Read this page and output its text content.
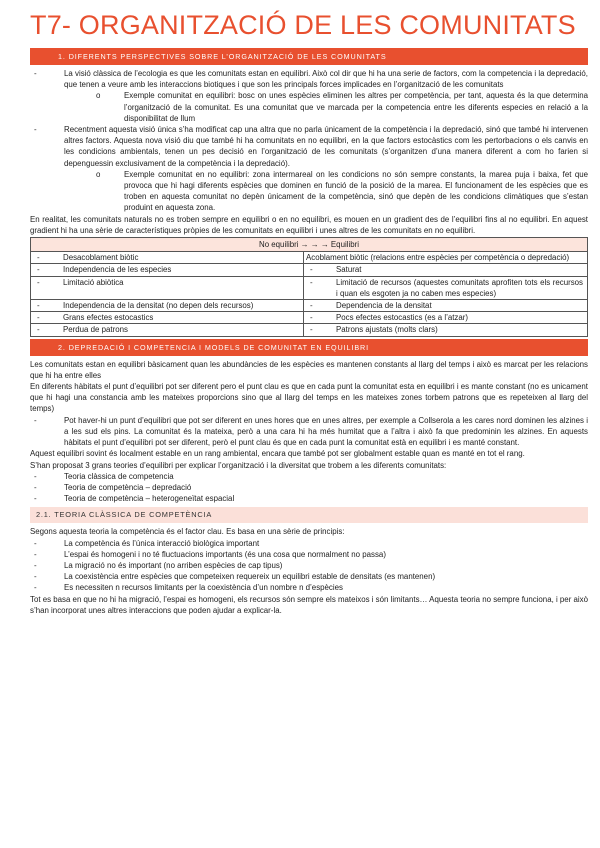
T7- ORGANITZACIÓ DE LES COMUNITATS
1. DIFERENTS PERSPECTIVES SOBRE L’ORGANITZACIÓ DE LES COMUNITATS
-	La visió clàssica de l’ecologia es que les comunitats estan en equilibri. Això col dir que hi ha una serie de factors, com la competencia i la depredació, que tenen a veure amb les interaccions biotiques i que son les principals forces implicades en l’organització de les comunitats
o	Exemple comunitat en equilibri: bosc on unes espècies eliminen les altres per competència, per tant, aquesta és la que determina l’organització de la comunitat. Es una comunitat que ve marcada per la competencia entre les diferents especies en relació a la disponibilitat de llum
-	Recentment aquesta visió única s’ha modificat cap una altra que no parla únicament de la competència i la depredació, sinó que també hi intervenen altres factors. Aquesta nova visió diu que també hi ha comunitats en no equilibri, en la que factors estocàstics com les pertorbacions o els canvis en les condicions ambientals, tenen un pes decisió en l’organització de les comunitats (s’organitzen d’una manera diferent a com ho farien si depenguessin exclusivament de la competència i la depredació).
o	Exemple comunitat en no equilibri: zona intermareal on les condicions no són sempre constants, la marea puja i baixa, fet que provoca que hi hagi diferents espècies que dominen en funció de la posició de la marea. El funcionament de les espècies que es troben en aquesta comunitat no depèn únicament de la competència, sinó que depèn de les condicions climàtiques que s’estan produint en aquesta zona.

En realitat, les comunitats naturals no es troben sempre en equilibri o en no equilibri, es mouen en un gradient des de l’equilibri fins al no equilibri. En aquest gradient hi ha una sèrie de característiques pròpies de les comunitats en equilibri i unes altres de les comunitats en no equilibri.

No equilibri → → → Equilibri	

- Desacoblament biòtic	Acoblament biòtic (relacions entre espècies per competència o depredació)

- Independencia de les especies	- Saturat

- Limitació abiòtica	- Limitació de recursos (aquestes comunitats aprofiten tots els recursos i quan els esgoten ja no caben mes especies)

- Independencia de la densitat (no depen dels recursos)	- Dependencia de la densitat

- Grans efectes estocastics	- Pocs efectes estocastics (es a l’atzar)

- Perdua de patrons	- Patrons ajustats (molts clars)
2. DEPREDACIÓ I COMPETENCIA I MODELS DE COMUNITAT EN EQUILIBRI

Les comunitats estan en equilibri bàsicament quan les abundàncies de les espècies es mantenen constants al llarg del temps i això es marcat per les relacions que hi ha entre elles

En diferents hàbitats el punt d’equilibri pot ser diferent pero el punt clau es que en cada punt la comunitat esta en equilibri i es mante constant (no es unicament que hi hagi una constancia amb les mateixes proporcions sino que al llarg del temps en les mateixes zones torbem patrons que es repeteixen al llarg del temps)

-	Pot haver-hi un punt d’equilibri que pot ser diferent en unes hores que en unes altres, per exemple a Collserola a les cares nord dominen les alzines i a les sud els pins. La comunitat és la mateixa, però a una cara hi ha més humitat que a l’altra i això fa que predominin les alzines. En aquests hàbitats el punt d’equilibri pot ser diferent, però el punt clau és que en cada punt la comunitat està en equilibri i es manté constant.

Aquest equilibri sovint és localment estable en un rang ambiental, encara que també pot ser globalment estable quan es manté en tot el rang.

S’han proposat 3 grans teories d’equilibri per explicar l’organització i la diversitat que trobem a les diferents comunitats:

-	Teoria clàssica de competencia
-	Teoria de competència – depredació
-	Teoria de competència – heterogeneïtat espacial
2.1. TEORIA CLÀSSICA DE COMPETÈNCIA

Segons aquesta teoria la competència és el factor clau. Es basa en una sèrie de principis:

-	La competència és l’única interacció biològica important
-	L’espai és homogeni i no té fluctuacions importants (és una cosa que normalment no passa)
-	La migració no és important (no arriben espècies de cap tipus)
-	La coexistència entre espècies que competeixen requereix un equilibri estable de densitats (es mantenen)
-	Es necessiten n recursos limitants per la coexistència d’un nombre n d’espècies

Tot es basa en que no hi ha migració, l’espai es homogeni, els recursos són sempre els mateixos i són limitants… Aquesta teoria no sempre funciona, i per això s’han incorporat unes altres interaccions que poden ajudar a explicar-la.
